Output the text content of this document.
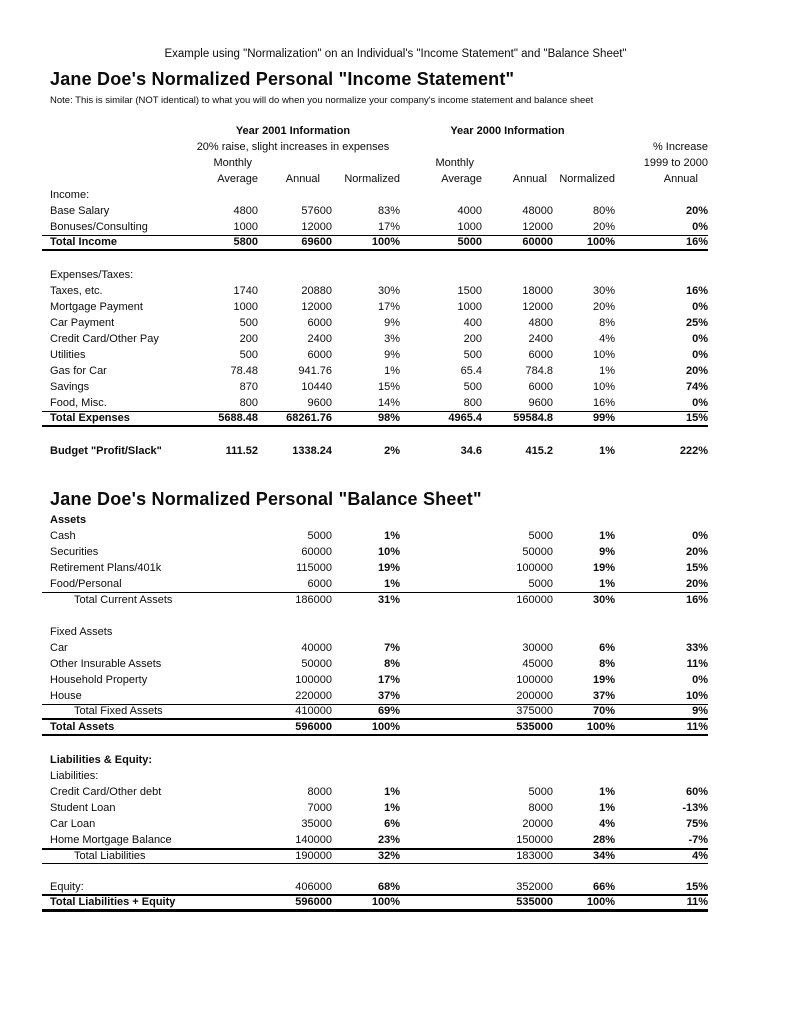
Example using "Normalization" on an Individual's "Income Statement" and "Balance Sheet"
Jane Doe's Normalized Personal "Income Statement"
Note: This is similar (NOT identical) to what you will do when you normalize your company's income statement and balance sheet
Year 2001 Information	Year 2000 Information
20% raise, slight increases in expenses	% Increase
Monthly	Monthly	1999 to 2000
Average	Annual	Normalized	Average	Annual	Normalized	Annual
Income:
Base Salary	4800	57600	83%	4000	48000	80%	20%
Bonuses/Consulting	1000	12000	17%	1000	12000	20%	0%
Total Income	5800	69600	100%	5000	60000	100%	16%
Expenses/Taxes:
Taxes, etc.	1740	20880	30%	1500	18000	30%	16%
Mortgage Payment	1000	12000	17%	1000	12000	20%	0%
Car Payment	500	6000	9%	400	4800	8%	25%
Credit Card/Other Pay	200	2400	3%	200	2400	4%	0%
Utilities	500	6000	9%	500	6000	10%	0%
Gas for Car	78.48	941.76	1%	65.4	784.8	1%	20%
Savings	870	10440	15%	500	6000	10%	74%
Food, Misc.	800	9600	14%	800	9600	16%	0%
Total Expenses	5688.48	68261.76	98%	4965.4	59584.8	99%	15%
Budget "Profit/Slack"	111.52	1338.24	2%	34.6	415.2	1%	222%
Jane Doe's Normalized Personal "Balance Sheet"
Assets
Cash	5000	1%	5000	1%	0%
Securities	60000	10%	50000	9%	20%
Retirement Plans/401k	115000	19%	100000	19%	15%
Food/Personal	6000	1%	5000	1%	20%
Total Current Assets	186000	31%	160000	30%	16%
Fixed Assets
Car	40000	7%	30000	6%	33%
Other Insurable Assets	50000	8%	45000	8%	11%
Household Property	100000	17%	100000	19%	0%
House	220000	37%	200000	37%	10%
Total Fixed Assets	410000	69%	375000	70%	9%
Total Assets	596000	100%	535000	100%	11%
Liabilities & Equity:
Liabilities:
Credit Card/Other debt	8000	1%	5000	1%	60%
Student Loan	7000	1%	8000	1%	-13%
Car Loan	35000	6%	20000	4%	75%
Home Mortgage Balance	140000	23%	150000	28%	-7%
Total Liabilities	190000	32%	183000	34%	4%
Equity:	406000	68%	352000	66%	15%
Total Liabilities + Equity	596000	100%	535000	100%	11%
